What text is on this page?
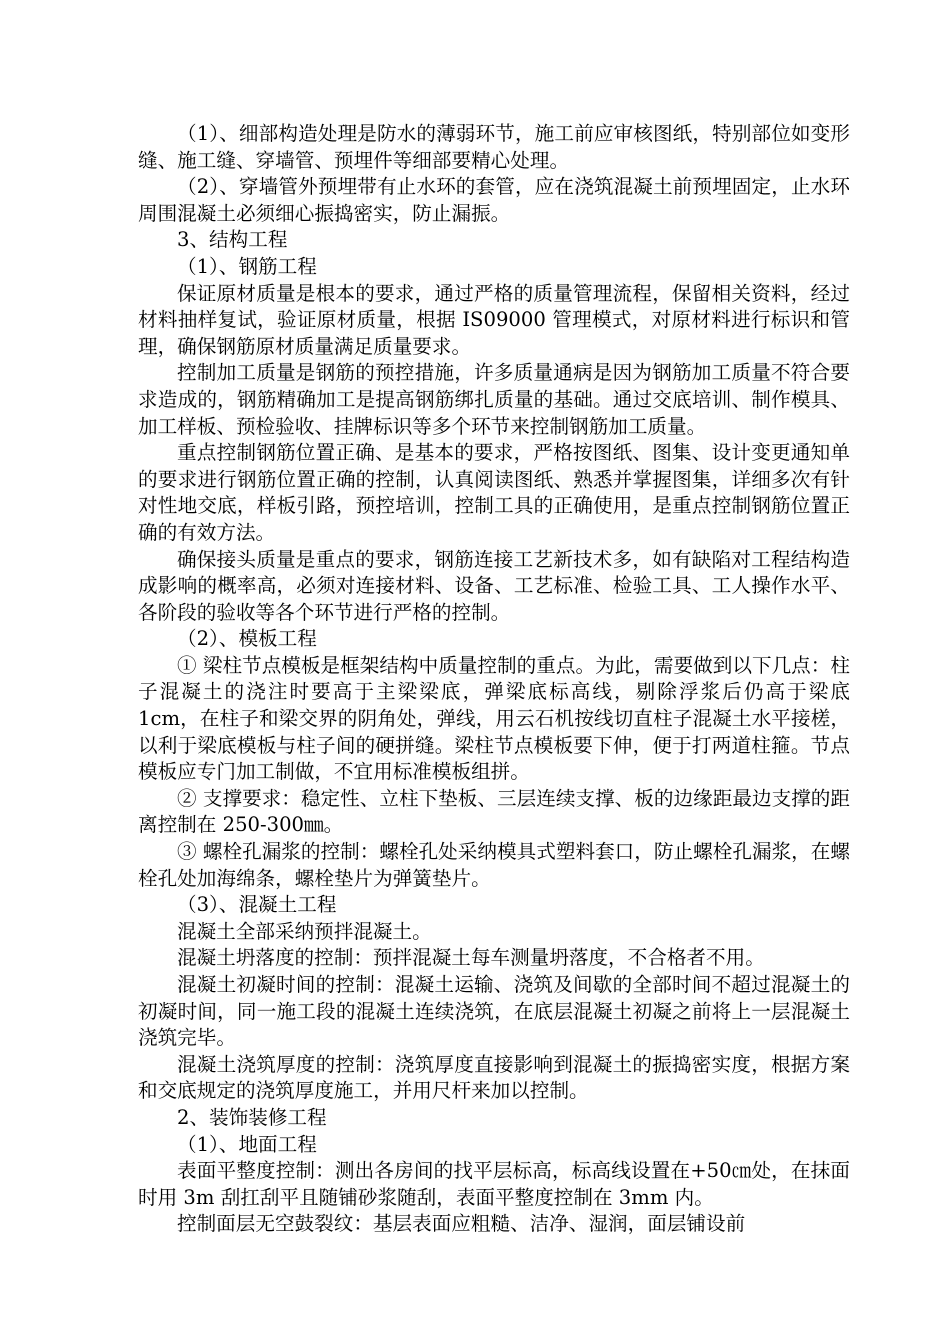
（1）、细部构造处理是防水的薄弱环节，施工前应审核图纸，特别部位如变形缝、施工缝、穿墙管、预埋件等细部要精心处理。

（2）、穿墙管外预埋带有止水环的套管，应在浇筑混凝土前预埋固定，止水环周围混凝土必须细心振捣密实，防止漏振。

3、结构工程

（1）、钢筋工程

保证原材质量是根本的要求，通过严格的质量管理流程，保留相关资料，经过材料抽样复试，验证原材质量，根据 IS09000 管理模式，对原材料进行标识和管理，确保钢筋原材质量满足质量要求。

控制加工质量是钢筋的预控措施，许多质量通病是因为钢筋加工质量不符合要求造成的，钢筋精确加工是提高钢筋绑扎质量的基础。通过交底培训、制作模具、加工样板、预检验收、挂牌标识等多个环节来控制钢筋加工质量。

重点控制钢筋位置正确、是基本的要求，严格按图纸、图集、设计变更通知单的要求进行钢筋位置正确的控制，认真阅读图纸、熟悉并掌握图集，详细多次有针对性地交底，样板引路，预控培训，控制工具的正确使用，是重点控制钢筋位置正确的有效方法。

确保接头质量是重点的要求，钢筋连接工艺新技术多，如有缺陷对工程结构造成影响的概率高，必须对连接材料、设备、工艺标准、检验工具、工人操作水平、各阶段的验收等各个环节进行严格的控制。

（2）、模板工程

① 梁柱节点模板是框架结构中质量控制的重点。为此，需要做到以下几点：柱子混凝土的浇注时要高于主梁梁底，弹梁底标高线，剔除浮浆后仍高于梁底 1cm，在柱子和梁交界的阴角处，弹线，用云石机按线切直柱子混凝土水平接槎，以利于梁底模板与柱子间的硬拼缝。梁柱节点模板要下伸，便于打两道柱箍。节点模板应专门加工制做，不宜用标准模板组拼。

② 支撑要求：稳定性、立柱下垫板、三层连续支撑、板的边缘距最边支撑的距离控制在 250-300㎜。

③ 螺栓孔漏浆的控制：螺栓孔处采纳模具式塑料套口，防止螺栓孔漏浆，在螺栓孔处加海绵条，螺栓垫片为弹簧垫片。

（3）、混凝土工程

混凝土全部采纳预拌混凝土。

混凝土坍落度的控制：预拌混凝土每车测量坍落度，不合格者不用。

混凝土初凝时间的控制：混凝土运输、浇筑及间歇的全部时间不超过混凝土的初凝时间，同一施工段的混凝土连续浇筑，在底层混凝土初凝之前将上一层混凝土浇筑完毕。

混凝土浇筑厚度的控制：浇筑厚度直接影响到混凝土的振捣密实度，根据方案和交底规定的浇筑厚度施工，并用尺杆来加以控制。

2、装饰装修工程

（1）、地面工程

表面平整度控制：测出各房间的找平层标高，标高线设置在+50㎝处，在抹面时用 3m 刮扛刮平且随铺砂浆随刮，表面平整度控制在 3mm 内。

控制面层无空鼓裂纹：基层表面应粗糙、洁净、湿润，面层铺设前
